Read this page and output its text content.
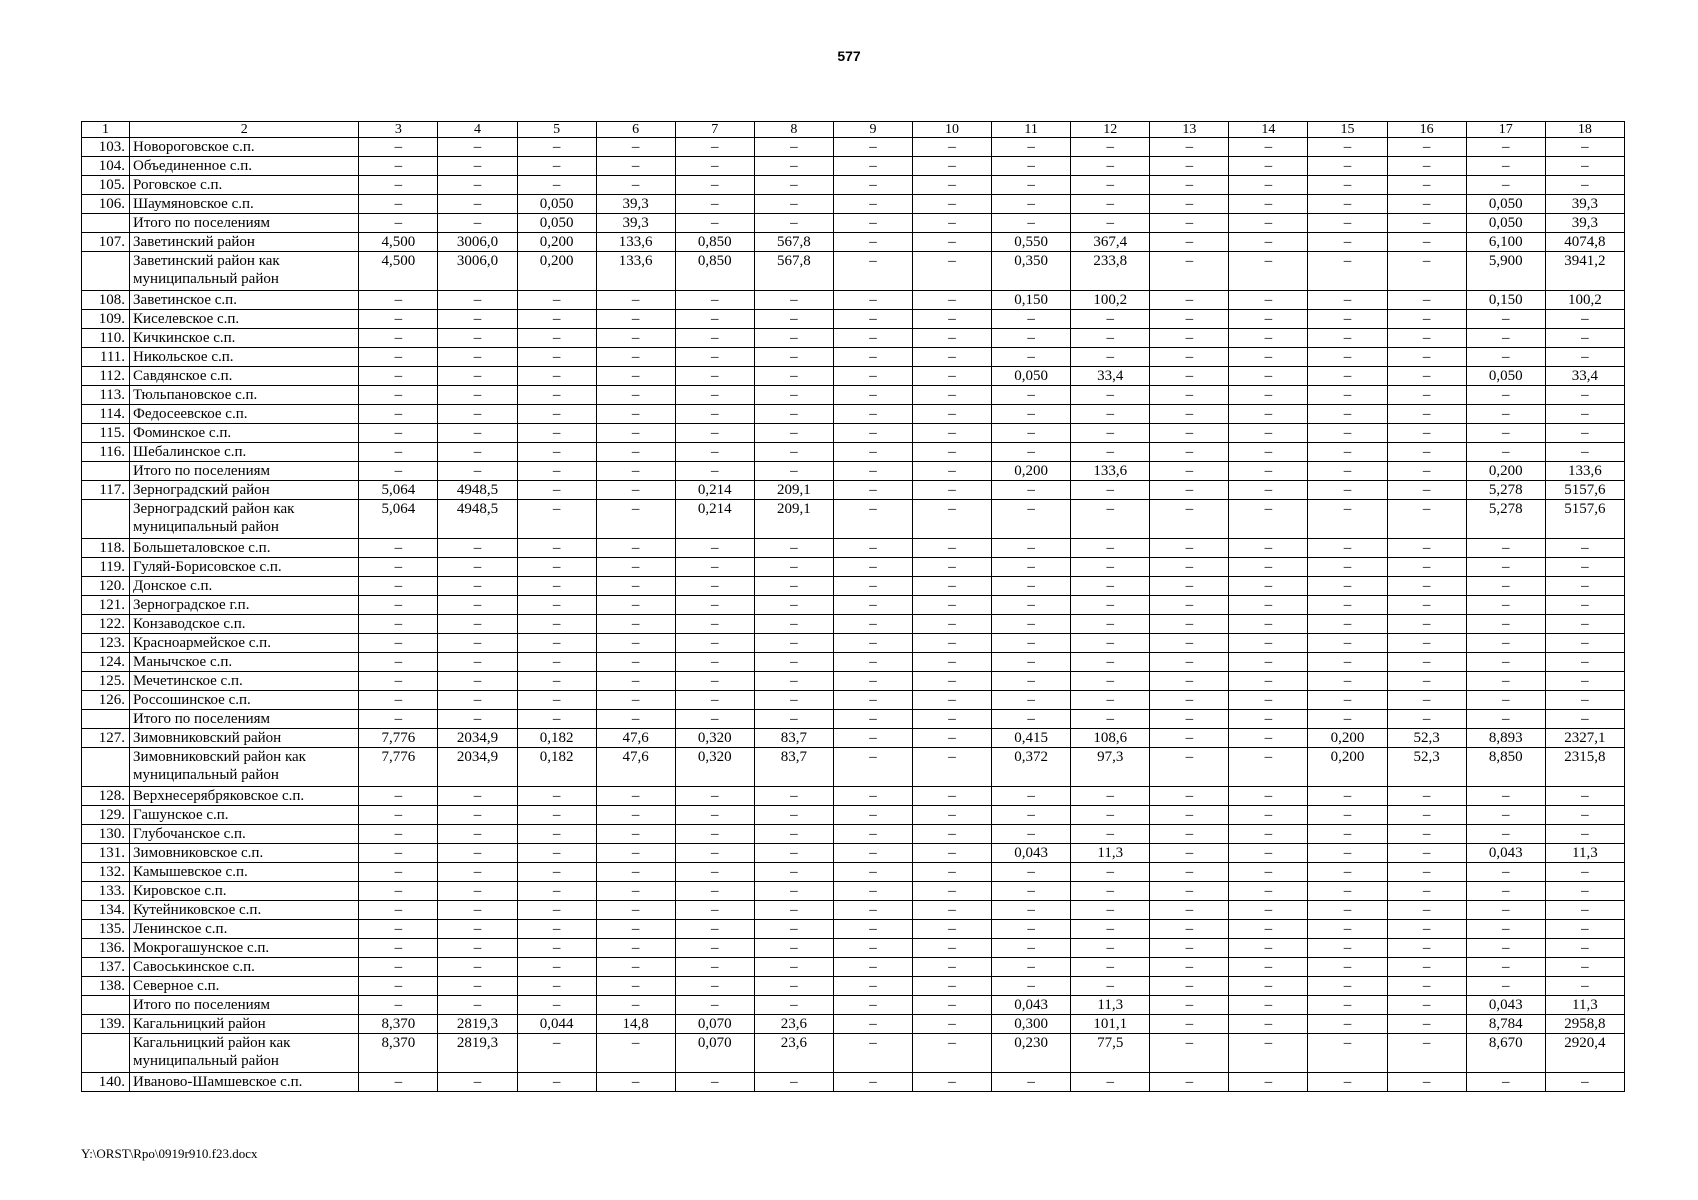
577
1	2	3	4	5	6	7	8	9	10	11	12	13	14	15	16	17	18
103.	Новороговское с.п.	–	–	–	–	–	–	–	–	–	–	–	–	–	–	–	–
104.	Объединенное с.п.	–	–	–	–	–	–	–	–	–	–	–	–	–	–	–	–
105.	Роговское с.п.	–	–	–	–	–	–	–	–	–	–	–	–	–	–	–	–
106.	Шаумяновское с.п.	–	–	0,050	39,3	–	–	–	–	–	–	–	–	–	–	0,050	39,3
	Итого по поселениям	–	–	0,050	39,3	–	–	–	–	–	–	–	–	–	–	0,050	39,3
107.	Заветинский район	4,500	3006,0	0,200	133,6	0,850	567,8	–	–	0,550	367,4	–	–	–	–	6,100	4074,8
	Заветинский район как муниципальный район	4,500	3006,0	0,200	133,6	0,850	567,8	–	–	0,350	233,8	–	–	–	–	5,900	3941,2
108.	Заветинское с.п.	–	–	–	–	–	–	–	–	0,150	100,2	–	–	–	–	0,150	100,2
109.	Киселевское с.п.	–	–	–	–	–	–	–	–	–	–	–	–	–	–	–	–
110.	Кичкинское с.п.	–	–	–	–	–	–	–	–	–	–	–	–	–	–	–	–
111.	Никольское с.п.	–	–	–	–	–	–	–	–	–	–	–	–	–	–	–	–
112.	Савдянское с.п.	–	–	–	–	–	–	–	–	0,050	33,4	–	–	–	–	0,050	33,4
113.	Тюльпановское с.п.	–	–	–	–	–	–	–	–	–	–	–	–	–	–	–	–
114.	Федосеевское с.п.	–	–	–	–	–	–	–	–	–	–	–	–	–	–	–	–
115.	Фоминское с.п.	–	–	–	–	–	–	–	–	–	–	–	–	–	–	–	–
116.	Шебалинское с.п.	–	–	–	–	–	–	–	–	–	–	–	–	–	–	–	–
	Итого по поселениям	–	–	–	–	–	–	–	–	0,200	133,6	–	–	–	–	0,200	133,6
117.	Зерноградский район	5,064	4948,5	–	–	0,214	209,1	–	–	–	–	–	–	–	–	5,278	5157,6
	Зерноградский район как муниципальный район	5,064	4948,5	–	–	0,214	209,1	–	–	–	–	–	–	–	–	5,278	5157,6
118.	Большеталовское с.п.	–	–	–	–	–	–	–	–	–	–	–	–	–	–	–	–
119.	Гуляй-Борисовское с.п.	–	–	–	–	–	–	–	–	–	–	–	–	–	–	–	–
120.	Донское с.п.	–	–	–	–	–	–	–	–	–	–	–	–	–	–	–	–
121.	Зерноградское г.п.	–	–	–	–	–	–	–	–	–	–	–	–	–	–	–	–
122.	Конзаводское с.п.	–	–	–	–	–	–	–	–	–	–	–	–	–	–	–	–
123.	Красноармейское с.п.	–	–	–	–	–	–	–	–	–	–	–	–	–	–	–	–
124.	Манычское с.п.	–	–	–	–	–	–	–	–	–	–	–	–	–	–	–	–
125.	Мечетинское с.п.	–	–	–	–	–	–	–	–	–	–	–	–	–	–	–	–
126.	Россошинское с.п.	–	–	–	–	–	–	–	–	–	–	–	–	–	–	–	–
	Итого по поселениям	–	–	–	–	–	–	–	–	–	–	–	–	–	–	–	–
127.	Зимовниковский район	7,776	2034,9	0,182	47,6	0,320	83,7	–	–	0,415	108,6	–	–	0,200	52,3	8,893	2327,1
	Зимовниковский район как муниципальный район	7,776	2034,9	0,182	47,6	0,320	83,7	–	–	0,372	97,3	–	–	0,200	52,3	8,850	2315,8
128.	Верхнесерябряковское с.п.	–	–	–	–	–	–	–	–	–	–	–	–	–	–	–	–
129.	Гашунское с.п.	–	–	–	–	–	–	–	–	–	–	–	–	–	–	–	–
130.	Глубочанское с.п.	–	–	–	–	–	–	–	–	–	–	–	–	–	–	–	–
131.	Зимовниковское с.п.	–	–	–	–	–	–	–	–	0,043	11,3	–	–	–	–	0,043	11,3
132.	Камышевское с.п.	–	–	–	–	–	–	–	–	–	–	–	–	–	–	–	–
133.	Кировское с.п.	–	–	–	–	–	–	–	–	–	–	–	–	–	–	–	–
134.	Кутейниковское с.п.	–	–	–	–	–	–	–	–	–	–	–	–	–	–	–	–
135.	Ленинское с.п.	–	–	–	–	–	–	–	–	–	–	–	–	–	–	–	–
136.	Мокрогашунское с.п.	–	–	–	–	–	–	–	–	–	–	–	–	–	–	–	–
137.	Савоськинское с.п.	–	–	–	–	–	–	–	–	–	–	–	–	–	–	–	–
138.	Северное с.п.	–	–	–	–	–	–	–	–	–	–	–	–	–	–	–	–
	Итого по поселениям	–	–	–	–	–	–	–	–	0,043	11,3	–	–	–	–	0,043	11,3
139.	Кагальницкий район	8,370	2819,3	0,044	14,8	0,070	23,6	–	–	0,300	101,1	–	–	–	–	8,784	2958,8
	Кагальницкий район как муниципальный район	8,370	2819,3	–	–	0,070	23,6	–	–	0,230	77,5	–	–	–	–	8,670	2920,4
140.	Иваново-Шамшевское с.п.	–	–	–	–	–	–	–	–	–	–	–	–	–	–	–	–
Y:\ORST\Rpo\0919r910.f23.docx
